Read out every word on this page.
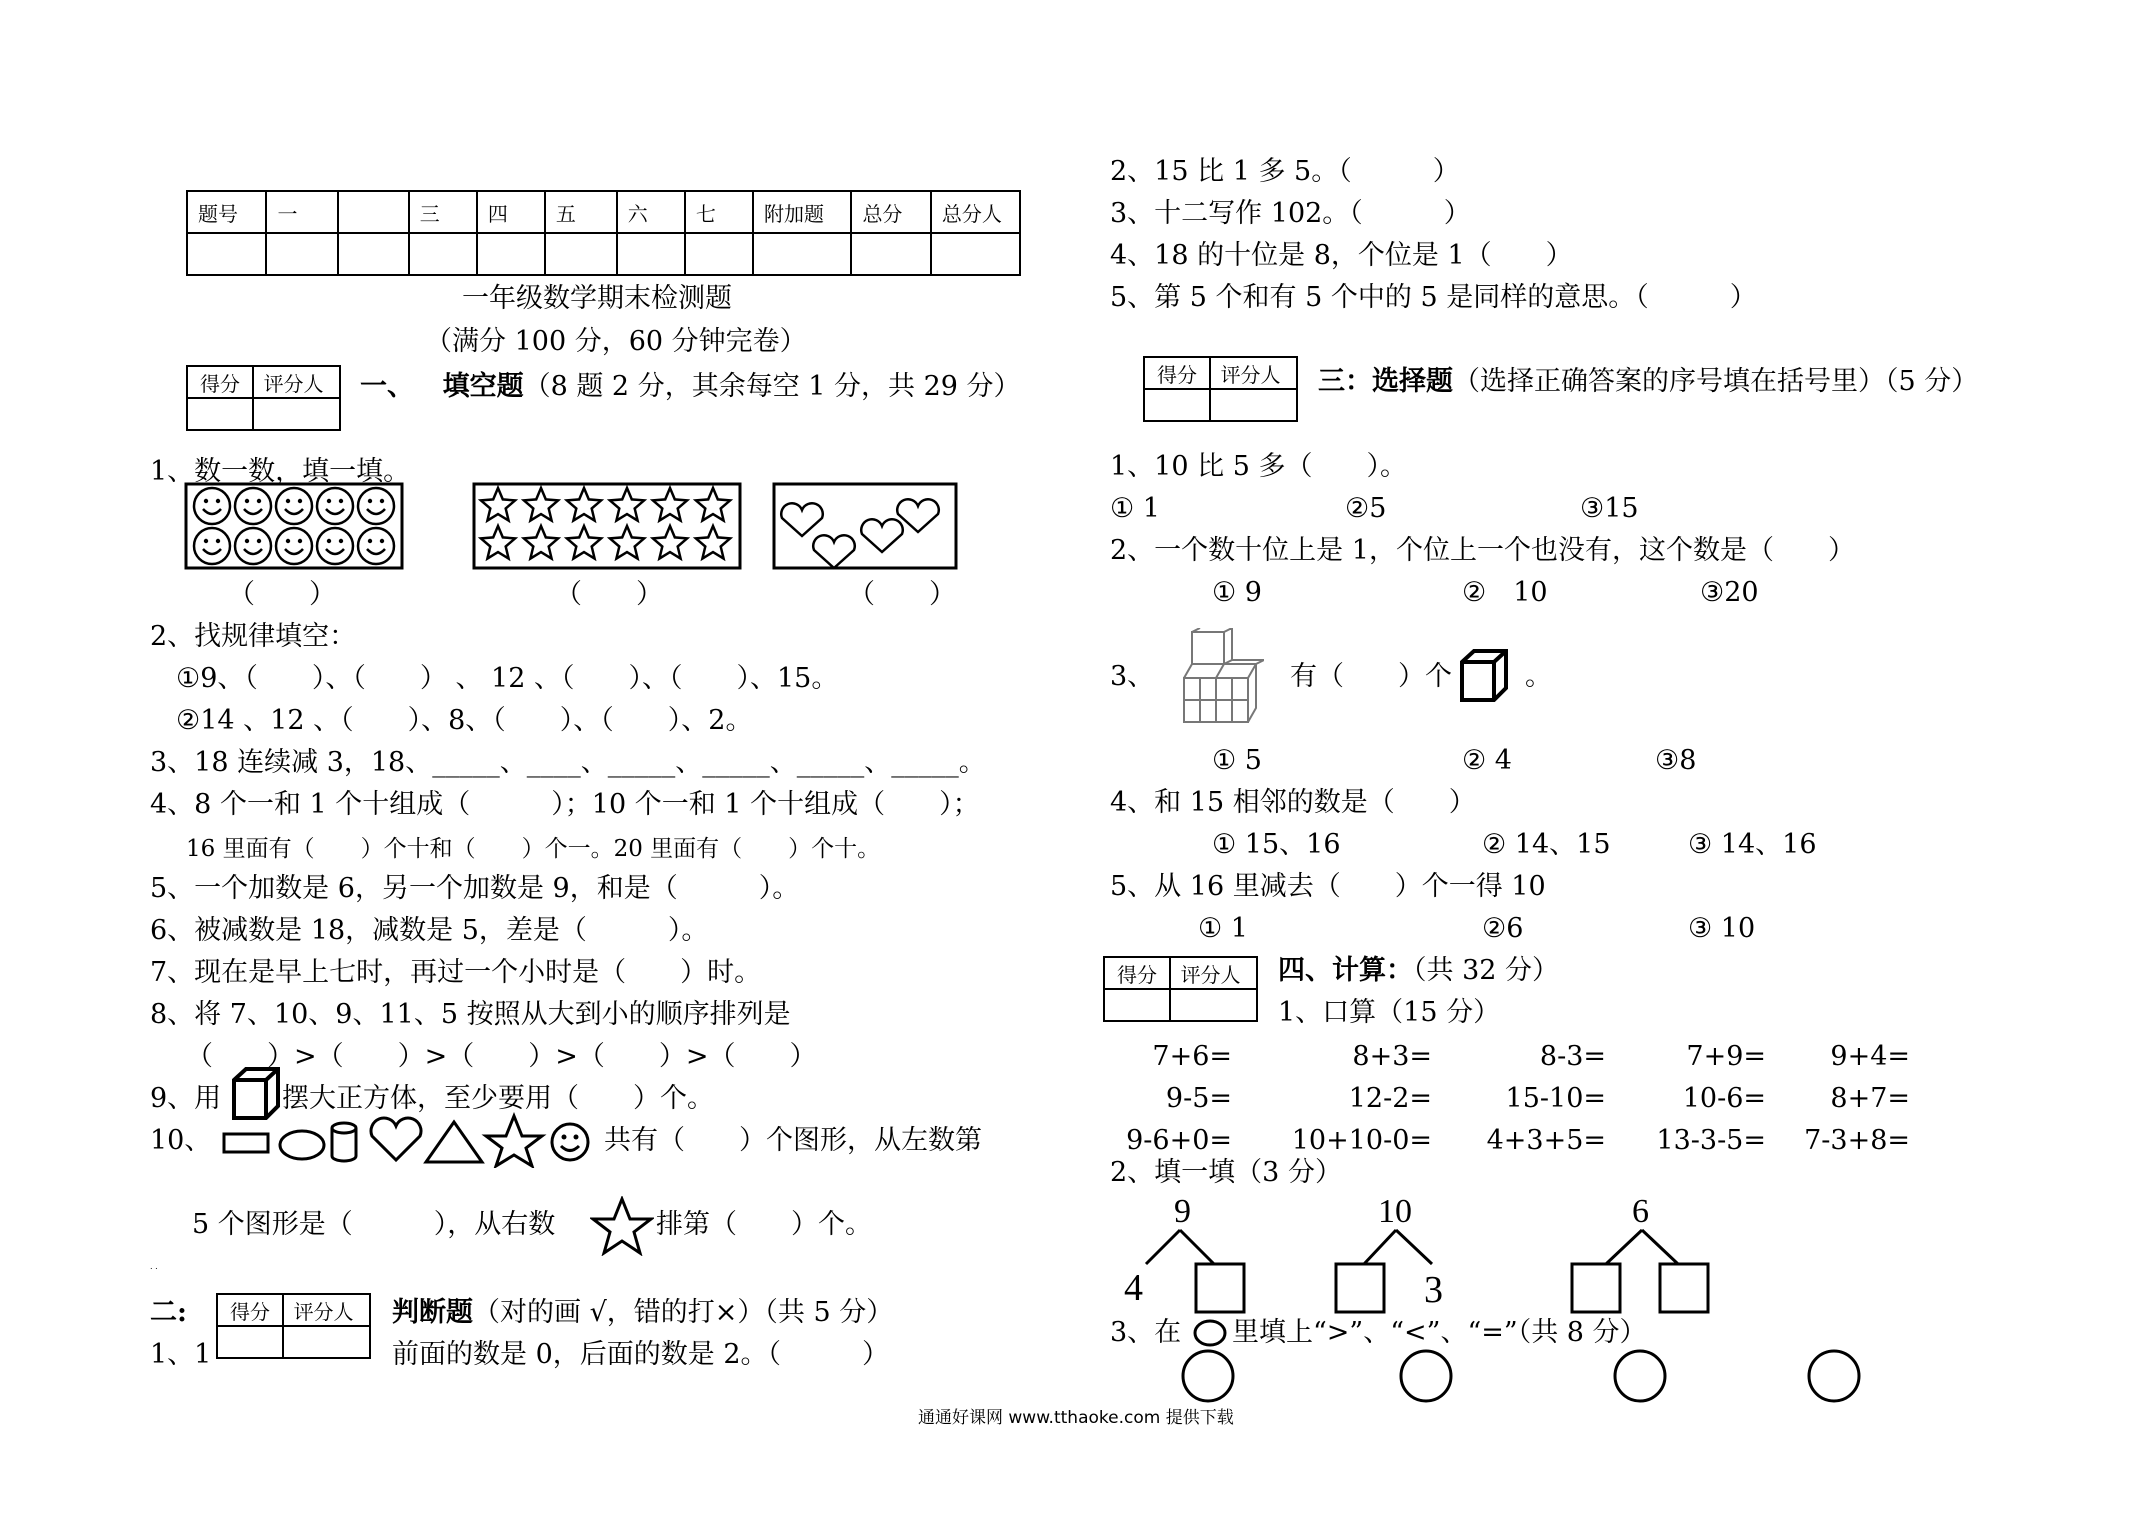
题号	一		三	四	五	六	七	附加题	总分	总分人

一年级数学期末检测题
（满分 100 分，60 分钟完卷）
得分	评分人
	一、 填空题（8 题 2 分，其余每空 1 分，共 29 分）
1、数一数，填一填。
（　　）	（　　）	（　　）
2、找规律填空：
①9、（　　）、（　　） 、 12 、（　　）、（　　）、15。
②14 、12 、（　　）、8、（　　）、（　　）、2。
3、18 连续减 3，18、_____、____、_____、_____、_____、_____。
4、8 个一和 1 个十组成（　　　）；10 个一和 1 个十组成（　　）；
16 里面有（　　）个十和（　　）个一。20 里面有（　　）个十。
5、一个加数是 6，另一个加数是 9，和是（　　　）。
6、被减数是 18，减数是 5，差是（　　　）。
7、现在是早上七时，再过一个小时是（　　）时。
8、将 7、10、9、11、5 按照从大到小的顺序排列是
（　　）>（　　）>（　　）>（　　）>（　　）
9、用 摆大正方体，至少要用（　　）个。
10、	共有（　　）个图形，从左数第
5 个图形是（　　　），从右数	排第（　　）个。
. .
二: 得分	评分人
	判断题（对的画 √，错的打×）（共 5 分）
1、1	前面的数是 0，后面的数是 2。（　　　）
2、15 比 1 多 5。（　　　）
3、十二写作 102。（　　　）
4、18 的十位是 8，个位是 1（　　）
5、第 5 个和有 5 个中的 5 是同样的意思。（　　　）
得分	评分人
	三：选择题（选择正确答案的序号填在括号里）（5 分）
1、10 比 5 多（　　）。
① 1	②5	③15
2、一个数十位上是 1，个位上一个也没有，这个数是（　　）
① 9	②　10	③20
3、	有（　　）个	。
① 5	② 4	③8
4、和 15 相邻的数是（　　）
① 15、16	② 14、15	③ 14、16
5、从 16 里减去（　　）个一得 10
① 1	②6	③ 10
得分	评分人
	四、计算：（共 32 分）
1、口算（15 分）
7+6=	8+3=	8-3=	7+9=	9+4=
9-5=	12-2=	15-10=	10-6=	8+7=
9-6+0=	10+10-0=	4+3+5=	13-3-5=	7-3+8=
2、填一填（3 分）
9
4
10
3
6
3、在 里填上“>”、“<”、“=”（共 8 分）
通通好课网 www.tthaoke.com 提供下载
